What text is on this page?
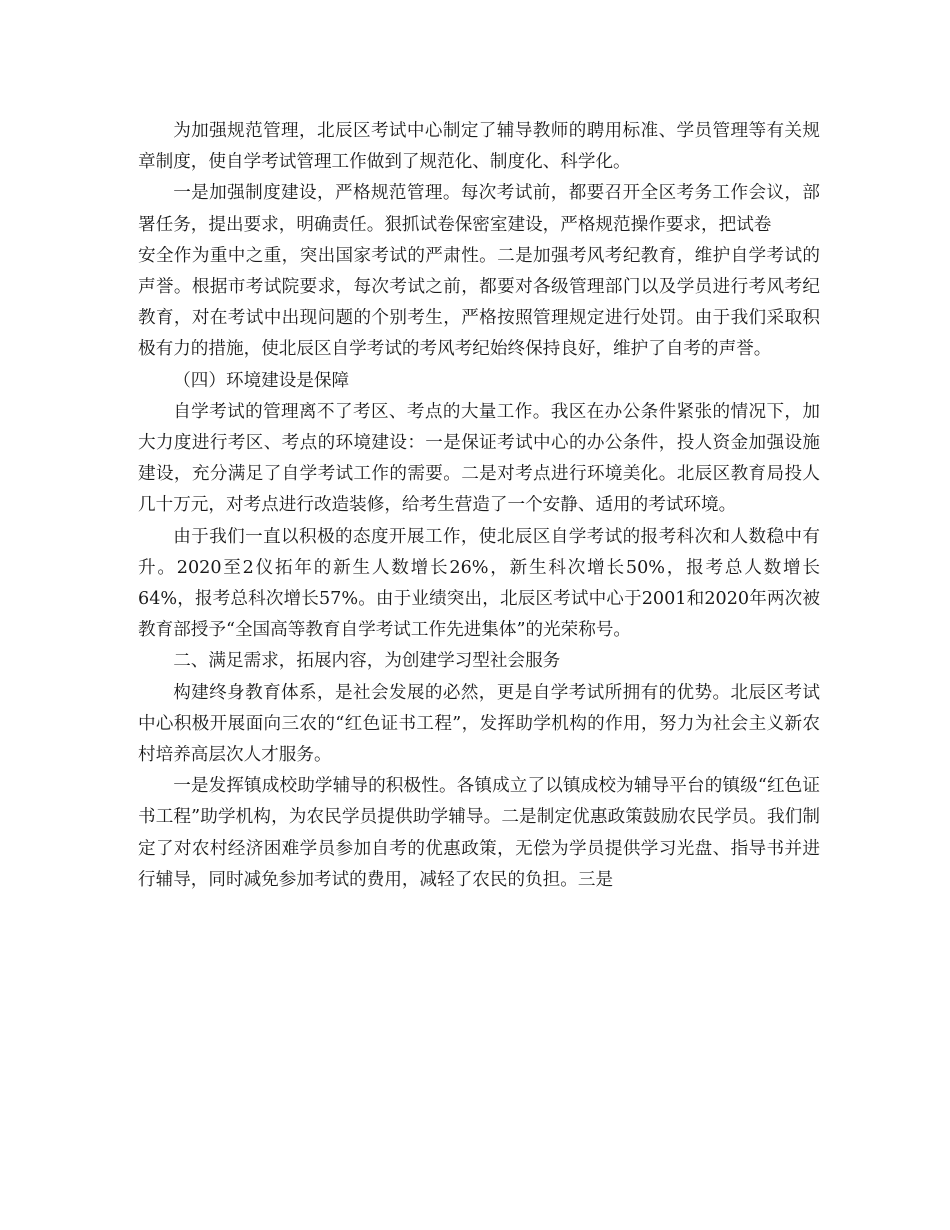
为加强规范管理，北辰区考试中心制定了辅导教师的聘用标准、学员管理等有关规章制度，使自学考试管理工作做到了规范化、制度化、科学化。

一是加强制度建设，严格规范管理。每次考试前，都要召开全区考务工作会议，部署任务，提出要求，明确责任。狠抓试卷保密室建设，严格规范操作要求，把试卷

安全作为重中之重，突出国家考试的严肃性。二是加强考风考纪教育，维护自学考试的声誉。根据市考试院要求，每次考试之前，都要对各级管理部门以及学员进行考风考纪教育，对在考试中出现问题的个别考生，严格按照管理规定进行处罚。由于我们采取积极有力的措施，使北辰区自学考试的考风考纪始终保持良好，维护了自考的声誉。

（四）环境建设是保障

自学考试的管理离不了考区、考点的大量工作。我区在办公条件紧张的情况下，加大力度进行考区、考点的环境建设：一是保证考试中心的办公条件，投人资金加强设施建设，充分满足了自学考试工作的需要。二是对考点进行环境美化。北辰区教育局投人几十万元，对考点进行改造装修，给考生营造了一个安静、适用的考试环境。

由于我们一直以积极的态度开展工作，使北辰区自学考试的报考科次和人数稳中有升。2020至2仪拓年的新生人数增长26%，新生科次增长50%，报考总人数增长64%，报考总科次增长57%。由于业绩突出，北辰区考试中心于2001和2020年两次被教育部授予“全国高等教育自学考试工作先进集体”的光荣称号。

二、满足需求，拓展内容，为创建学习型社会服务

构建终身教育体系，是社会发展的必然，更是自学考试所拥有的优势。北辰区考试中心积极开展面向三农的“红色证书工程”，发挥助学机构的作用，努力为社会主义新农村培养高层次人才服务。

一是发挥镇成校助学辅导的积极性。各镇成立了以镇成校为辅导平台的镇级“红色证书工程”助学机构，为农民学员提供助学辅导。二是制定优惠政策鼓励农民学员。我们制定了对农村经济困难学员参加自考的优惠政策，无偿为学员提供学习光盘、指导书并进行辅导，同时减免参加考试的费用，减轻了农民的负担。三是
